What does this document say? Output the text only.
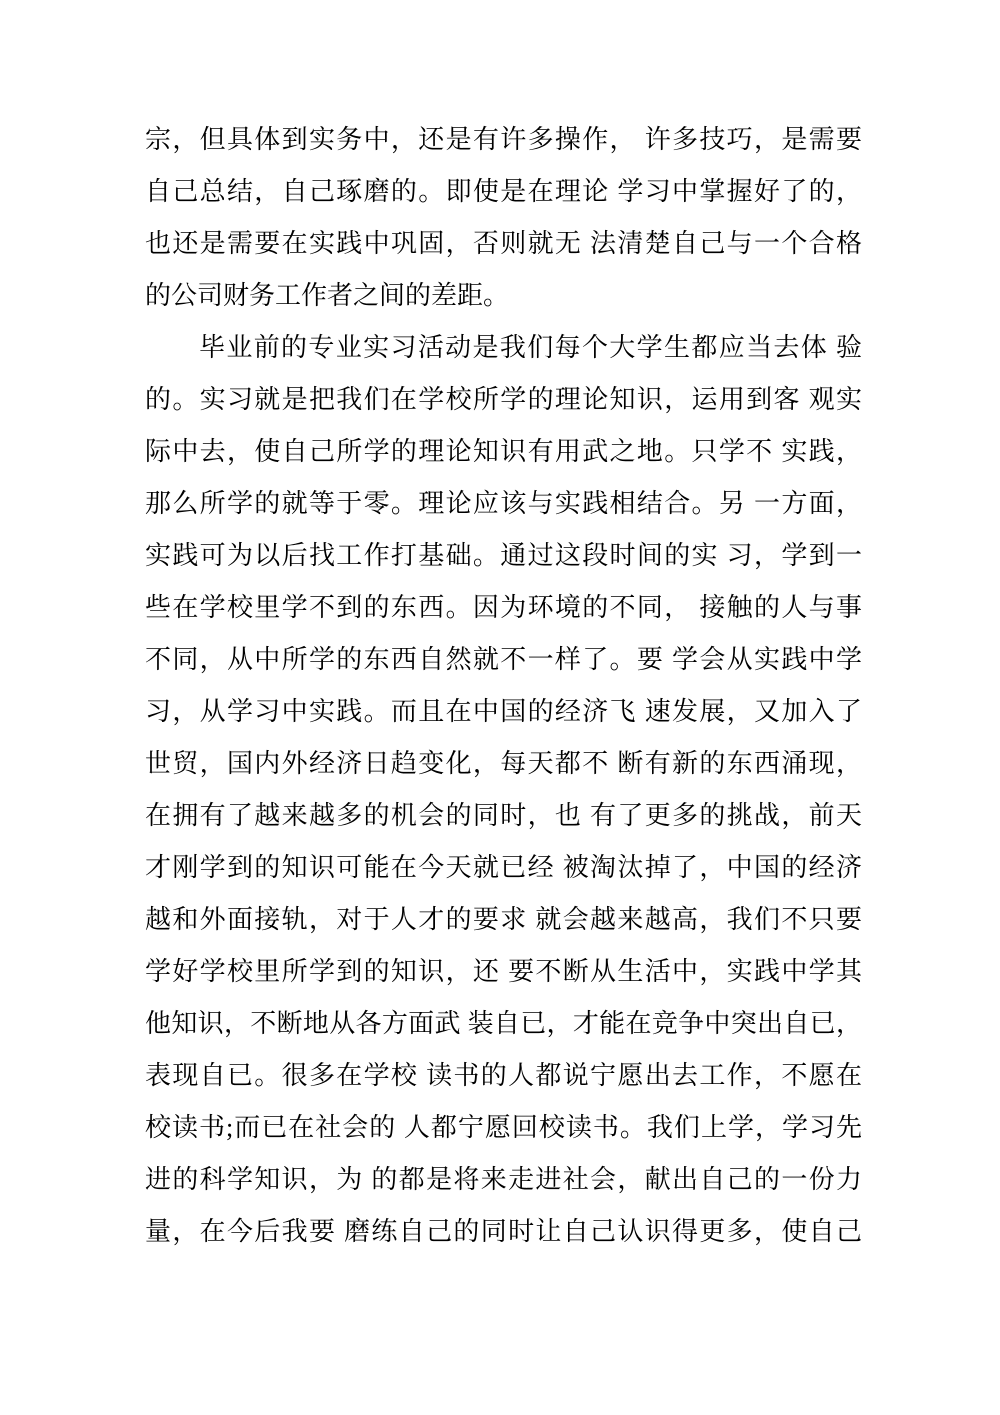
宗，但具体到实务中，还是有许多操作， 许多技巧，是需要
自己总结，自己琢磨的。即使是在理论 学习中掌握好了的，
也还是需要在实践中巩固，否则就无 法清楚自己与一个合格
的公司财务工作者之间的差距。

毕业前的专业实习活动是我们每个大学生都应当去体 验
的。实习就是把我们在学校所学的理论知识，运用到客 观实
际中去，使自己所学的理论知识有用武之地。只学不 实践，
那么所学的就等于零。理论应该与实践相结合。另 一方面，
实践可为以后找工作打基础。通过这段时间的实 习，学到一
些在学校里学不到的东西。因为环境的不同， 接触的人与事
不同，从中所学的东西自然就不一样了。要 学会从实践中学
习，从学习中实践。而且在中国的经济飞 速发展，又加入了
世贸，国内外经济日趋变化，每天都不 断有新的东西涌现，
在拥有了越来越多的机会的同时，也 有了更多的挑战，前天
才刚学到的知识可能在今天就已经 被淘汰掉了，中国的经济
越和外面接轨，对于人才的要求 就会越来越高，我们不只要
学好学校里所学到的知识，还 要不断从生活中，实践中学其
他知识，不断地从各方面武 装自已，才能在竞争中突出自已，
表现自已。很多在学校 读书的人都说宁愿出去工作，不愿在
校读书;而已在社会的 人都宁愿回校读书。我们上学，学习先
进的科学知识，为 的都是将来走进社会，献出自己的一份力
量，在今后我要 磨练自己的同时让自己认识得更多，使自己
